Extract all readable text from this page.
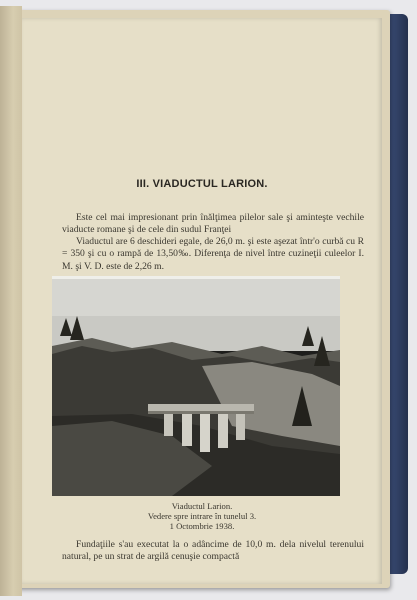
III. VIADUCTUL LARION.
Este cel mai impresionant prin înălţimea pilelor sale şi aminteşte vechile viaducte romane şi de cele din sudul Franţei
Viaductul are 6 deschideri egale, de 26,0 m. şi este aşezat într'o curbă cu R = 350 şi cu o rampă de 13,50‰. Diferenţa de nivel între cuzineţii culeelor I. M. şi V. D. este de 2,26 m.
Viaductul Larion.
Vedere spre intrare în tunelul 3.
1 Octombrie 1938.
Fundaţiile s'au executat la o adâncime de 10,0 m. dela nivelul terenului natural, pe un strat de argilă cenuşie compactă
